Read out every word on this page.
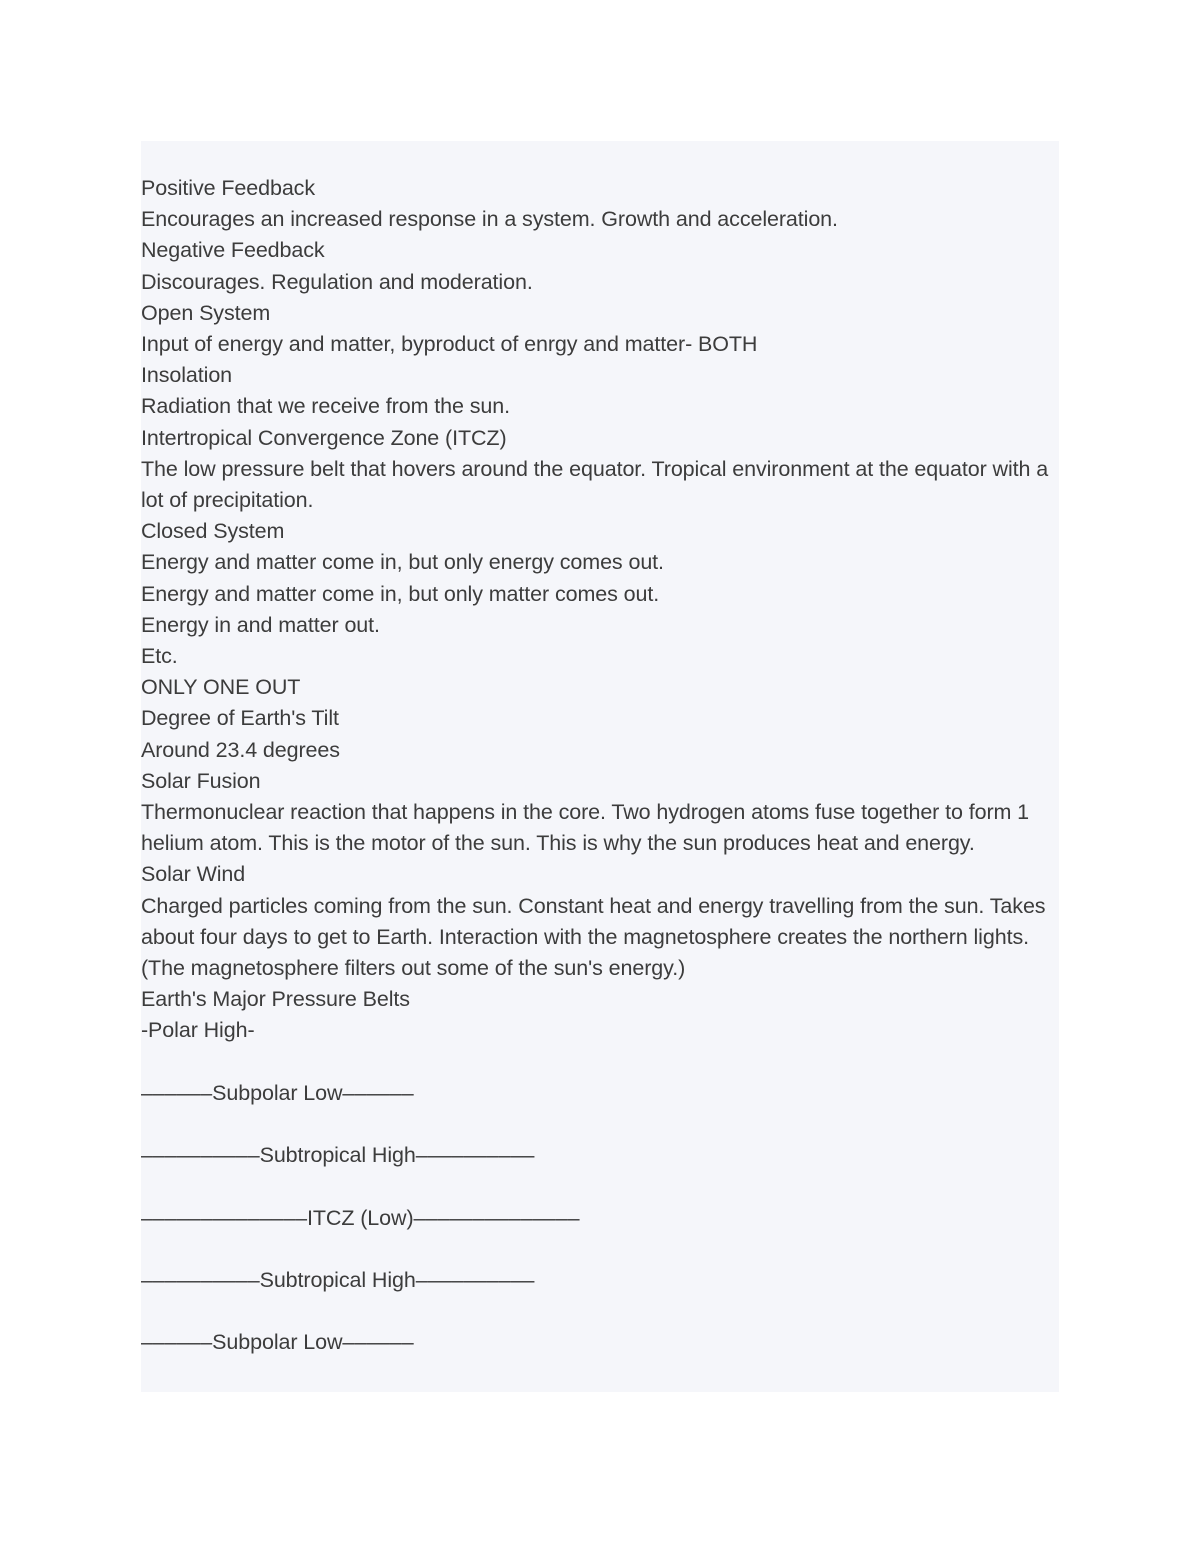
Positive Feedback

Encourages an increased response in a system. Growth and acceleration.

Negative Feedback

Discourages. Regulation and moderation.

Open System

Input of energy and matter, byproduct of enrgy and matter- BOTH

Insolation

Radiation that we receive from the sun.

Intertropical Convergence Zone (ITCZ)

The low pressure belt that hovers around the equator. Tropical environment at the equator with a lot of precipitation.

Closed System

Energy and matter come in, but only energy comes out.

Energy and matter come in, but only matter comes out.

Energy in and matter out.

Etc.

ONLY ONE OUT

Degree of Earth's Tilt

Around 23.4 degrees

Solar Fusion

Thermonuclear reaction that happens in the core. Two hydrogen atoms fuse together to form 1 helium atom. This is the motor of the sun. This is why the sun produces heat and energy.

Solar Wind

Charged particles coming from the sun. Constant heat and energy travelling from the sun. Takes about four days to get to Earth. Interaction with the magnetosphere creates the northern lights. (The magnetosphere filters out some of the sun's energy.)

Earth's Major Pressure Belts

-Polar High-

––––––Subpolar Low––––––

––––––––––Subtropical High––––––––––

––––––––––––––ITCZ (Low)––––––––––––––

––––––––––Subtropical High––––––––––

––––––Subpolar Low––––––
